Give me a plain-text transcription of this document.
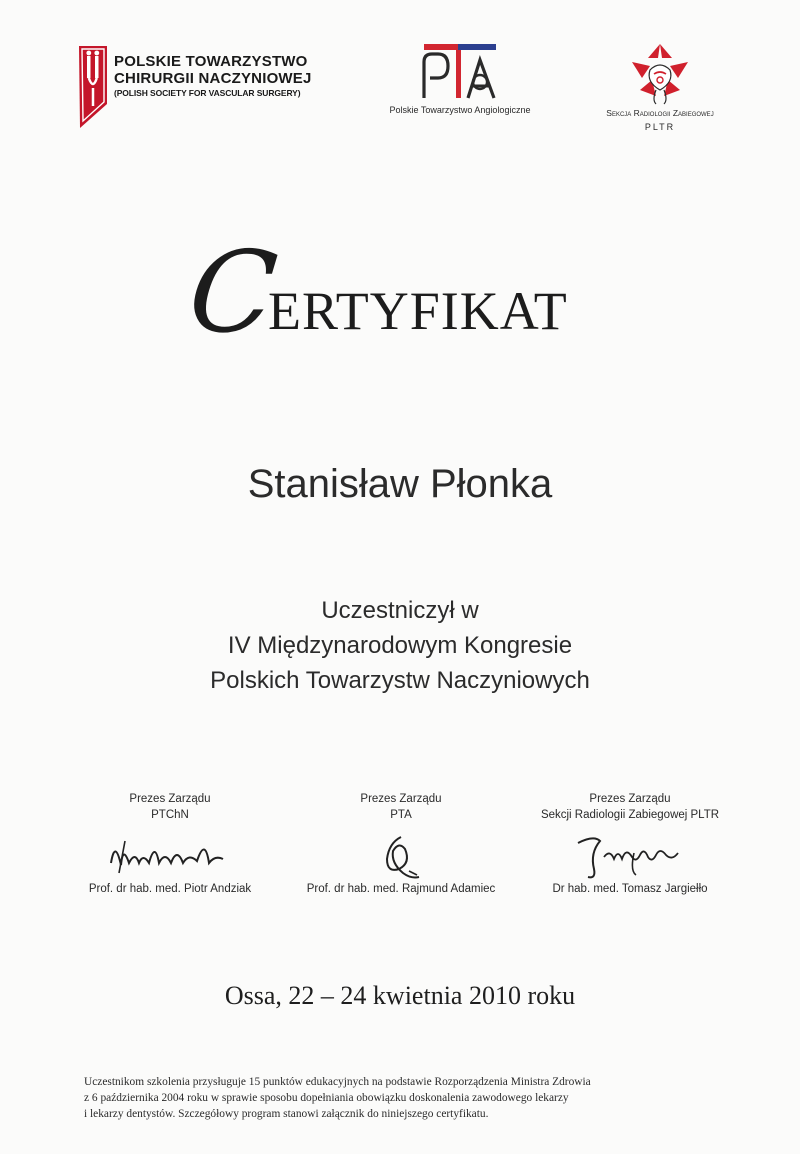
POLSKIE TOWARZYSTWO
CHIRURGII NACZYNIOWEJ
(POLISH SOCIETY FOR VASCULAR SURGERY)
Polskie Towarzystwo Angiologiczne	Sekcja Radiologii Zabiegowej
PLTR
C
ERTYFIKAT
Stanisław Płonka
Uczestniczył w
IV Międzynarodowym Kongresie
Polskich Towarzystw Naczyniowych
Prezes Zarządu
PTChN
Prof. dr hab. med. Piotr Andziak
Prezes Zarządu
PTA
Prof. dr hab. med. Rajmund Adamiec
Prezes Zarządu
Sekcji Radiologii Zabiegowej PLTR
Dr hab. med. Tomasz Jargiełło
Ossa, 22 – 24 kwietnia 2010 roku
Uczestnikom szkolenia przysługuje 15 punktów edukacyjnych na podstawie Rozporządzenia Ministra Zdrowia
z 6 października 2004 roku w sprawie sposobu dopełniania obowiązku doskonalenia zawodowego lekarzy
i lekarzy dentystów. Szczegółowy program stanowi załącznik do niniejszego certyfikatu.
